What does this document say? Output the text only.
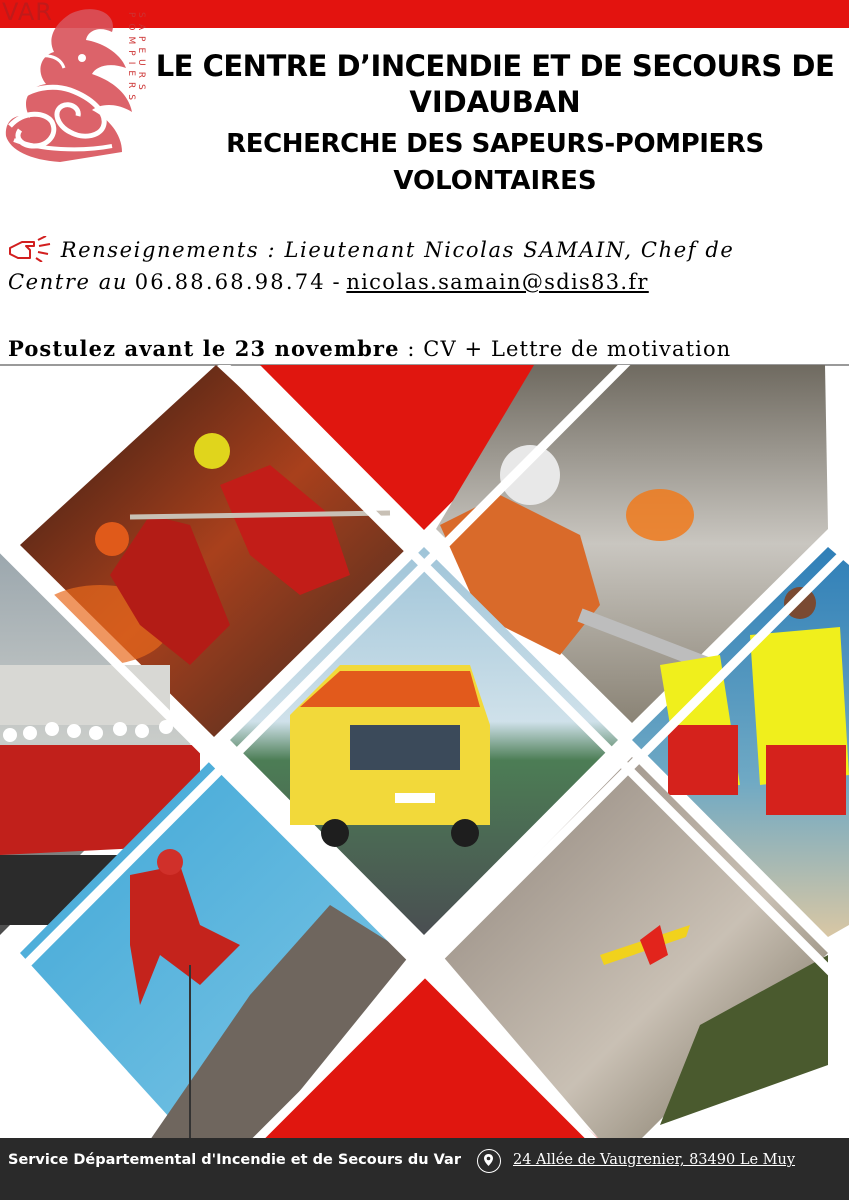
VAR	SAPEURS POMPIERS LE CENTRE D’INCENDIE ET DE SECOURS DE
VIDAUBAN
RECHERCHE DES SAPEURS-POMPIERS
VOLONTAIRES
Renseignements : Lieutenant Nicolas SAMAIN, Chef de
Centre au 06.88.68.98.74 - nicolas.samain@sdis83.fr
Postulez avant le 23 novembre : CV + Lettre de motivation
Service Départemental d'Incendie et de Secours du Var	24 Allée de Vaugrenier, 83490 Le Muy
